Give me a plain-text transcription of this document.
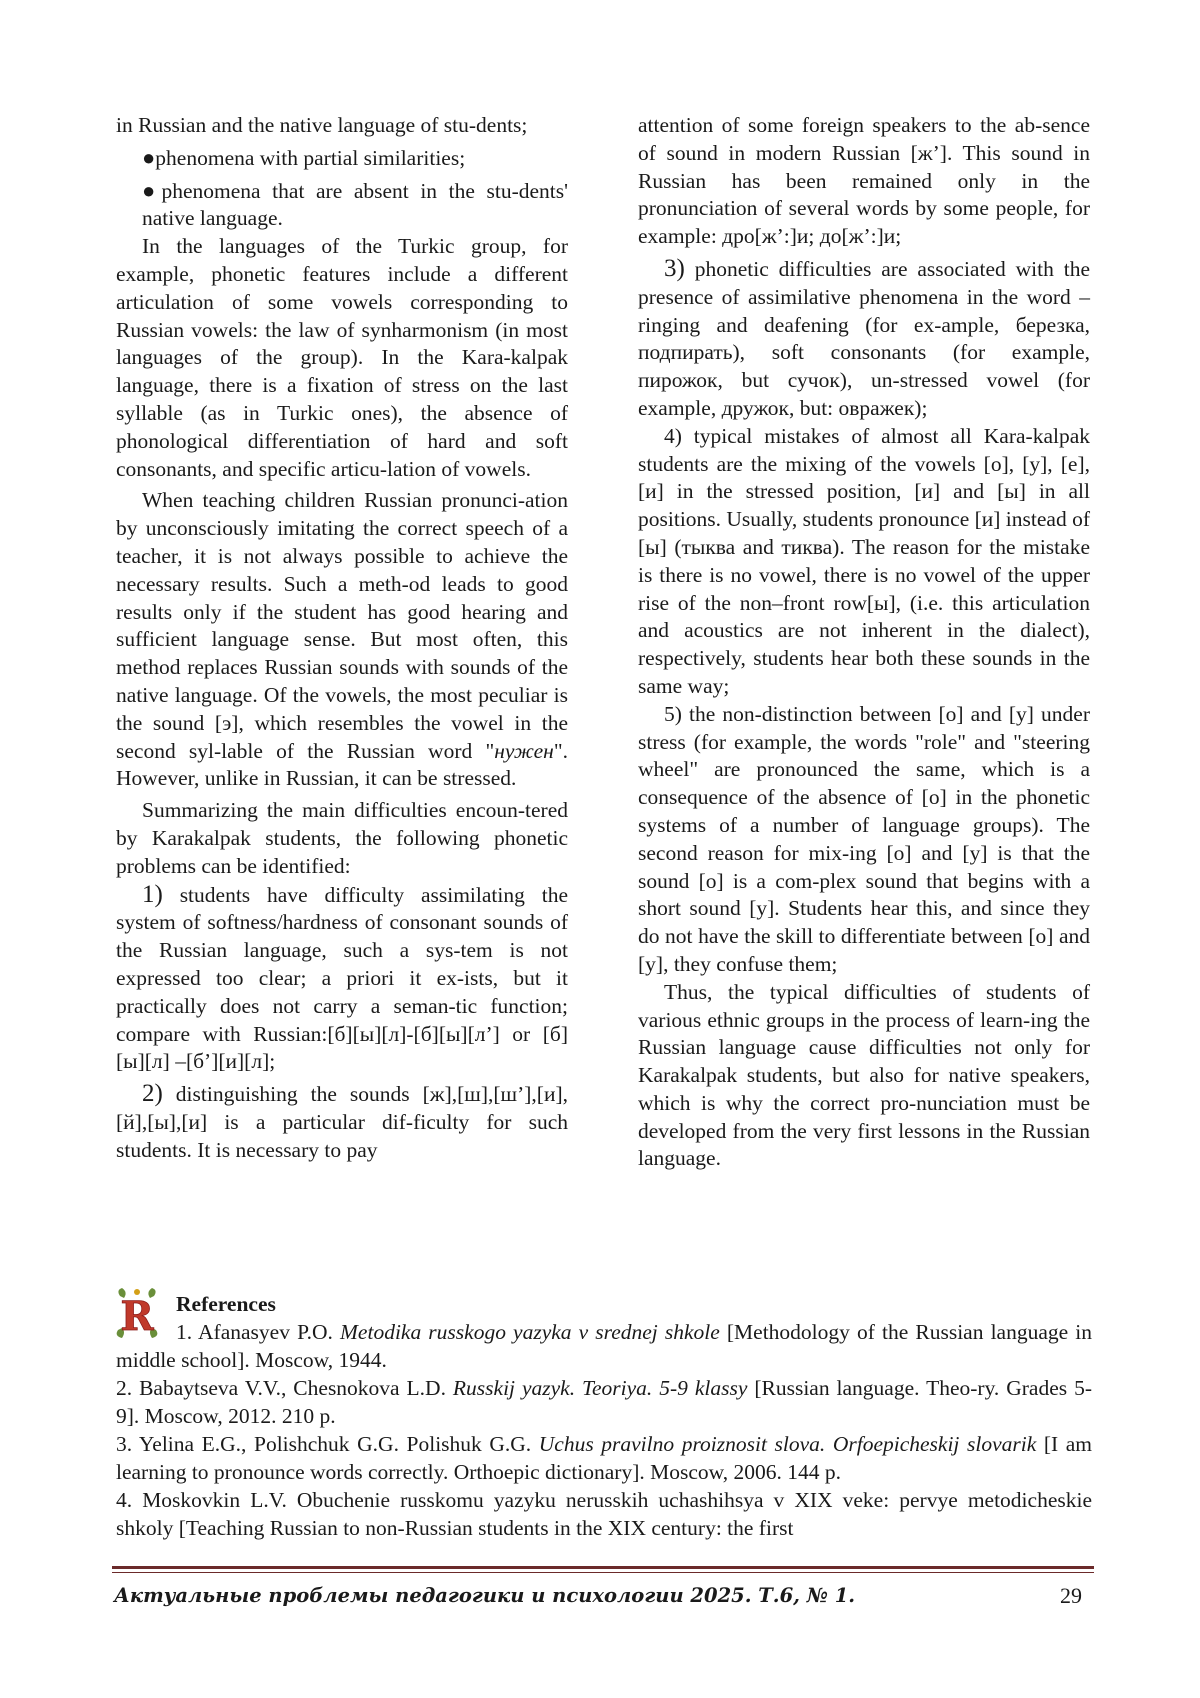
in Russian and the native language of stu-dents;

●phenomena with partial similarities;

●phenomena that are absent in the stu-dents' native language.

In the languages of the Turkic group, for example, phonetic features include a different articulation of some vowels corresponding to Russian vowels: the law of synharmonism (in most languages of the group). In the Kara-kalpak language, there is a fixation of stress on the last syllable (as in Turkic ones), the absence of phonological differentiation of hard and soft consonants, and specific articu-lation of vowels.

When teaching children Russian pronunci-ation by unconsciously imitating the correct speech of a teacher, it is not always possible to achieve the necessary results. Such a meth-od leads to good results only if the student has good hearing and sufficient language sense. But most often, this method replaces Russian sounds with sounds of the native language. Of the vowels, the most peculiar is the sound [э], which resembles the vowel in the second syl-lable of the Russian word "нужен". However, unlike in Russian, it can be stressed.

Summarizing the main difficulties encoun-tered by Karakalpak students, the following phonetic problems can be identified:

1) students have difficulty assimilating the system of softness/hardness of consonant sounds of the Russian language, such a sys-tem is not expressed too clear; a priori it ex-ists, but it practically does not carry a seman-tic function; compare with Russian:[б][ы][л]-[б][ы][л’] or [б][ы][л] –[б’][и][л];

2) distinguishing the sounds [ж],[ш],[ш’],[и],[й],[ы],[и] is a particular dif-ficulty for such students. It is necessary to pay

attention of some foreign speakers to the ab-sence of sound in modern Russian [ж’]. This sound in Russian has been remained only in the pronunciation of several words by some people, for example: дро[ж’:]и; до[ж’:]и;

3) phonetic difficulties are associated with the presence of assimilative phenomena in the word – ringing and deafening (for ex-ample, березка, подпирать), soft consonants (for example, пирожок, but сучок), un-stressed vowel (for example, дружок, but: овражек);

4) typical mistakes of almost all Kara-kalpak students are the mixing of the vowels [о], [у], [е], [и] in the stressed position, [и] and [ы] in all positions. Usually, students pronounce [и] instead of [ы] (тыква and тиква). The reason for the mistake is there is no vowel, there is no vowel of the upper rise of the non–front row[ы], (i.e. this articulation and acoustics are not inherent in the dialect), respectively, students hear both these sounds in the same way;

5) the non-distinction between [о] and [у] under stress (for example, the words "role" and "steering wheel" are pronounced the same, which is a consequence of the absence of [о] in the phonetic systems of a number of language groups). The second reason for mix-ing [о] and [у] is that the sound [о] is a com-plex sound that begins with a short sound [у]. Students hear this, and since they do not have the skill to differentiate between [о] and [у], they confuse them;

Thus, the typical difficulties of students of various ethnic groups in the process of learn-ing the Russian language cause difficulties not only for Karakalpak students, but also for native speakers, which is why the correct pro-nunciation must be developed from the very first lessons in the Russian language.

R	References

1. Afanasyev P.O. Metodika russkogo yazyka v srednej shkole [Methodology of the Russian language in middle school]. Moscow, 1944.

2. Babaytseva V.V., Chesnokova L.D. Russkij yazyk. Teoriya. 5-9 klassy [Russian language. Theo-ry. Grades 5-9]. Moscow, 2012. 210 p.

3. Yelina E.G., Polishchuk G.G. Polishuk G.G. Uchus pravilno proiznosit slova. Orfoepicheskij slovarik [I am learning to pronounce words correctly. Orthoepic dictionary]. Moscow, 2006. 144 p.

4. Moskovkin L.V. Obuchenie russkomu yazyku nerusskih uchashihsya v XIX veke: pervye metodicheskie shkoly [Teaching Russian to non-Russian students in the XIX century: the first

Актуальные проблемы педагогики и психологии 2025. Т.6, № 1.	29
